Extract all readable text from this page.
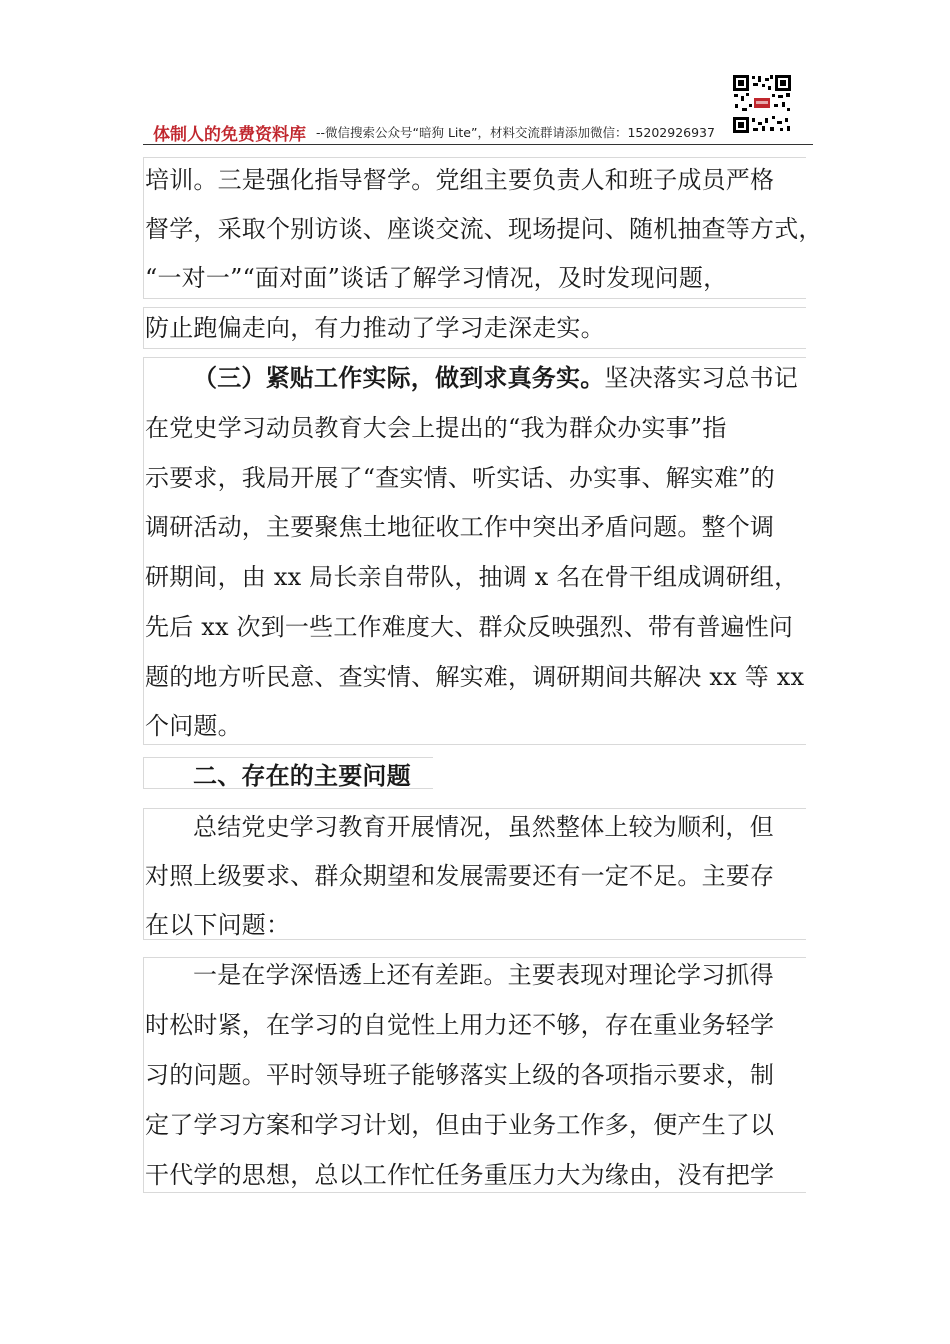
体制人的免费资料库 --微信搜索公众号“暗狗 Lite”，材料交流群请添加微信：15202926937
培训。三是强化指导督学。党组主要负责人和班子成员严格
督学，采取个别访谈、座谈交流、现场提问、随机抽查等方式，
“一对一”“面对面”谈话了解学习情况，及时发现问题，
防止跑偏走向，有力推动了学习走深走实。
（三）紧贴工作实际，做到求真务实。坚决落实习总书记
在党史学习动员教育大会上提出的“我为群众办实事”指
示要求，我局开展了“查实情、听实话、办实事、解实难”的
调研活动，主要聚焦土地征收工作中突出矛盾问题。整个调
研期间，由 xx 局长亲自带队，抽调 x 名在骨干组成调研组，
先后 xx 次到一些工作难度大、群众反映强烈、带有普遍性问
题的地方听民意、查实情、解实难，调研期间共解决 xx 等 xx
个问题。
二、存在的主要问题
总结党史学习教育开展情况，虽然整体上较为顺利，但
对照上级要求、群众期望和发展需要还有一定不足。主要存
在以下问题：
一是在学深悟透上还有差距。主要表现对理论学习抓得
时松时紧，在学习的自觉性上用力还不够，存在重业务轻学
习的问题。平时领导班子能够落实上级的各项指示要求，制
定了学习方案和学习计划，但由于业务工作多，便产生了以
干代学的思想，总以工作忙任务重压力大为缘由，没有把学
